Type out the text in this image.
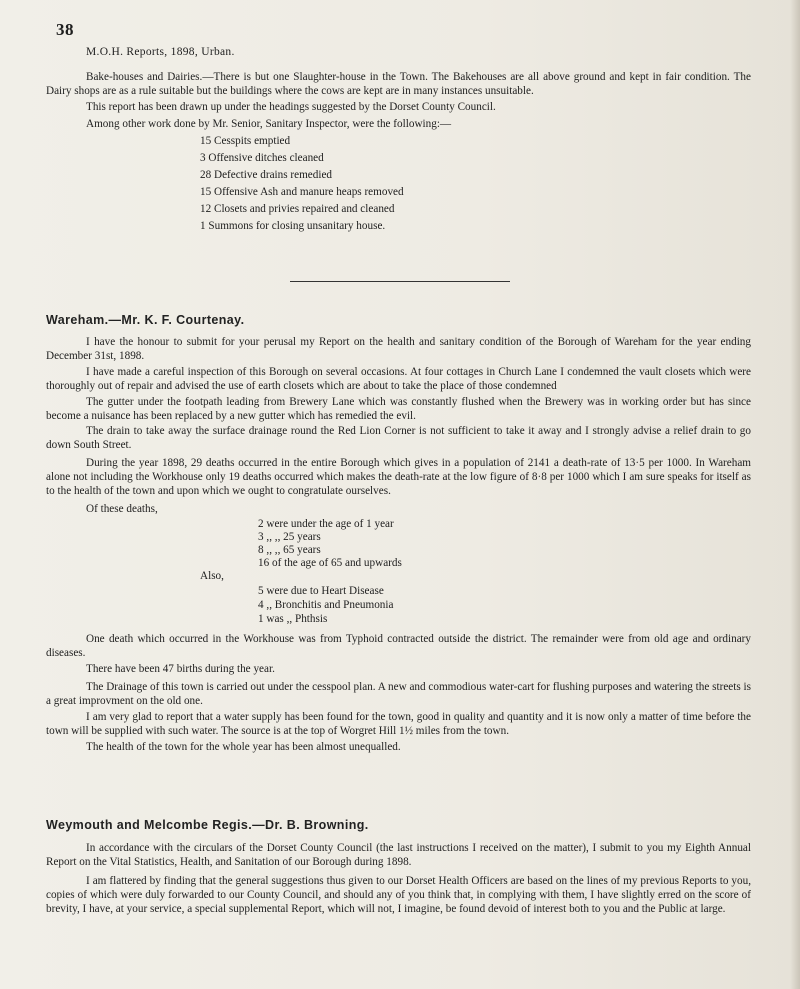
38
M.O.H. Reports, 1898, Urban.

Bake-houses and Dairies.—There is but one Slaughter-house in the Town. The Bakehouses are all above ground and kept in fair condition. The Dairy shops are as a rule suitable but the buildings where the cows are kept are in many instances unsuitable.

This report has been drawn up under the headings suggested by the Dorset County Council.

Among other work done by Mr. Senior, Sanitary Inspector, were the following:—

15 Cesspits emptied

3 Offensive ditches cleaned

28 Defective drains remedied

15 Offensive Ash and manure heaps removed

12 Closets and privies repaired and cleaned

1 Summons for closing unsanitary house.

Wareham.—Mr. K. F. Courtenay.

I have the honour to submit for your perusal my Report on the health and sanitary condition of the Borough of Wareham for the year ending December 31st, 1898.

I have made a careful inspection of this Borough on several occasions. At four cottages in Church Lane I condemned the vault closets which were thoroughly out of repair and advised the use of earth closets which are about to take the place of those condemned

The gutter under the footpath leading from Brewery Lane which was constantly flushed when the Brewery was in working order but has since become a nuisance has been replaced by a new gutter which has remedied the evil.

The drain to take away the surface drainage round the Red Lion Corner is not sufficient to take it away and I strongly advise a relief drain to go down South Street.

During the year 1898, 29 deaths occurred in the entire Borough which gives in a population of 2141 a death-rate of 13·5 per 1000. In Wareham alone not including the Workhouse only 19 deaths occurred which makes the death-rate at the low figure of 8·8 per 1000 which I am sure speaks for itself as to the health of the town and upon which we ought to congratulate ourselves.

Of these deaths,

2 were under the age of 1 year

3 ,, ,, 25 years

8 ,, ,, 65 years

16 of the age of 65 and upwards

Also,

5 were due to Heart Disease

4 ,, Bronchitis and Pneumonia

1 was ,, Phthsis

One death which occurred in the Workhouse was from Typhoid contracted outside the district. The remainder were from old age and ordinary diseases.

There have been 47 births during the year.

The Drainage of this town is carried out under the cesspool plan. A new and commodious water-cart for flushing purposes and watering the streets is a great improvment on the old one.

I am very glad to report that a water supply has been found for the town, good in quality and quantity and it is now only a matter of time before the town will be supplied with such water. The source is at the top of Worgret Hill 1½ miles from the town.

The health of the town for the whole year has been almost unequalled.

Weymouth and Melcombe Regis.—Dr. B. Browning.

In accordance with the circulars of the Dorset County Council (the last instructions I received on the matter), I submit to you my Eighth Annual Report on the Vital Statistics, Health, and Sanitation of our Borough during 1898.

I am flattered by finding that the general suggestions thus given to our Dorset Health Officers are based on the lines of my previous Reports to you, copies of which were duly forwarded to our County Council, and should any of you think that, in complying with them, I have slightly erred on the score of brevity, I have, at your service, a special supplemental Report, which will not, I imagine, be found devoid of interest both to you and the Public at large.
